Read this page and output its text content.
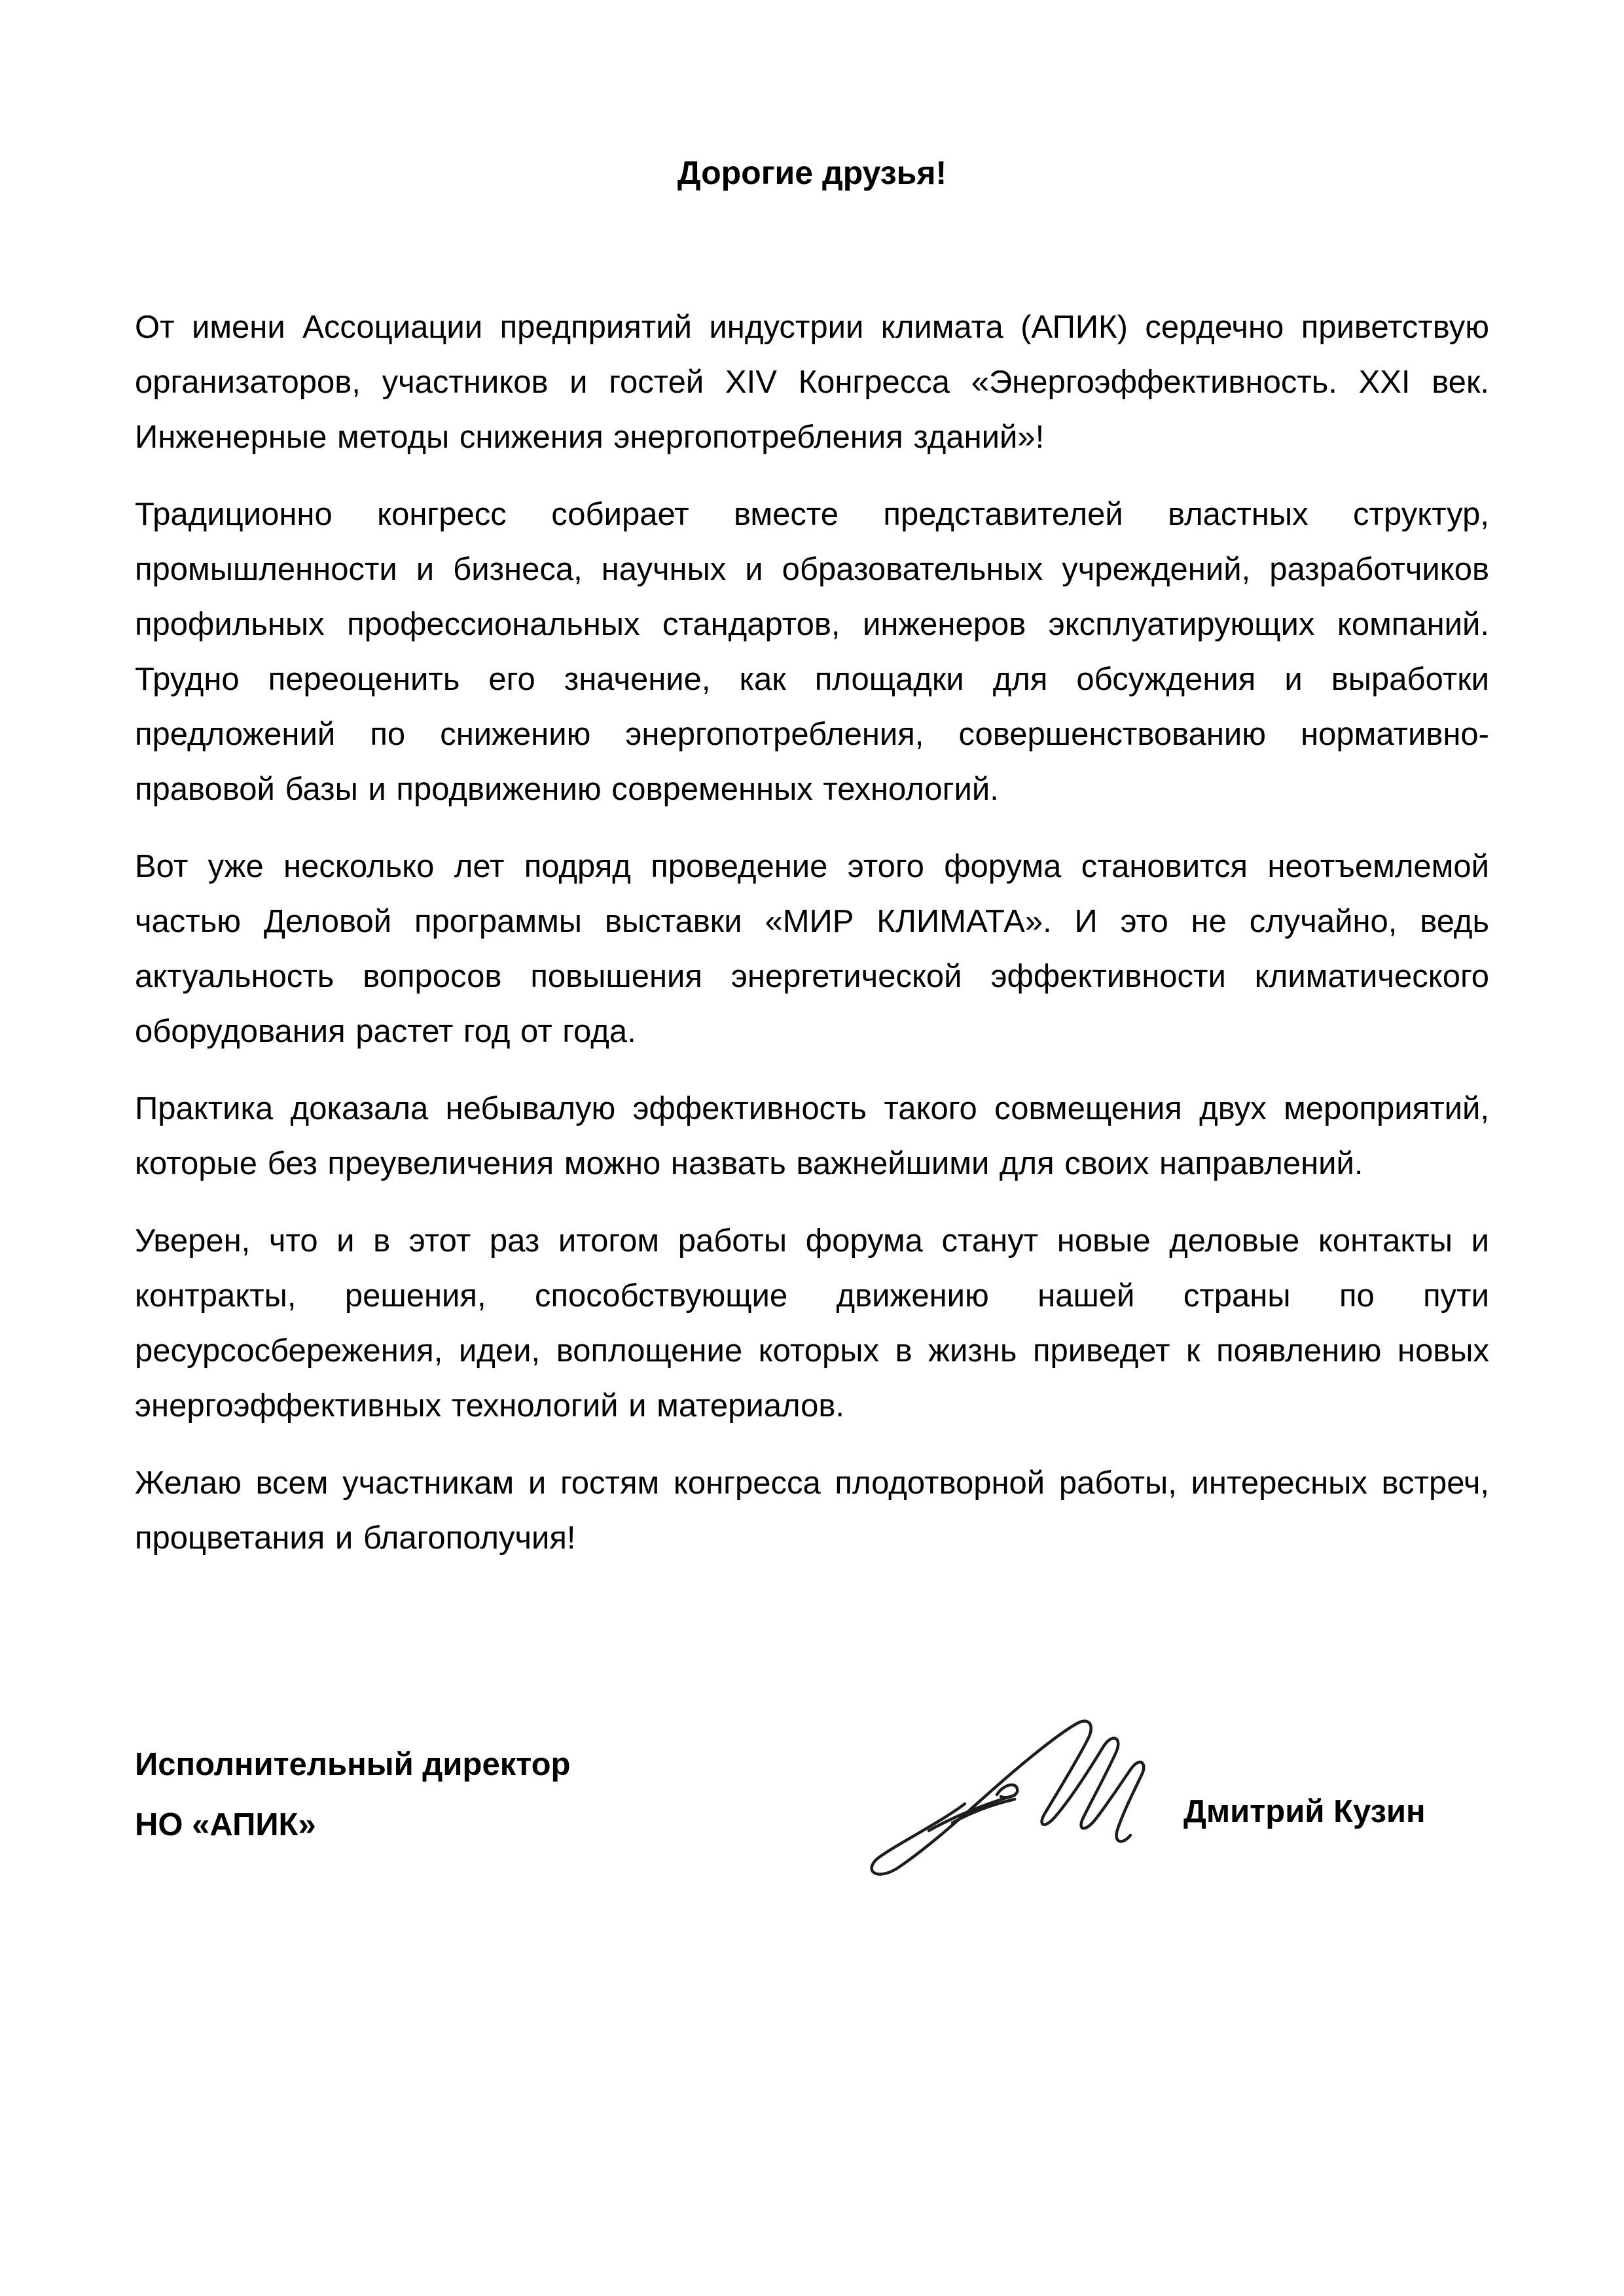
Дорогие друзья!

От имени Ассоциации предприятий индустрии климата (АПИК) сердечно приветствую организаторов, участников и гостей XIV Конгресса «Энергоэффективность. XXI век. Инженерные методы снижения энергопотребления зданий»!

Традиционно конгресс собирает вместе представителей властных структур, промышленности и бизнеса, научных и образовательных учреждений, разработчиков профильных профессиональных стандартов, инженеров эксплуатирующих компаний. Трудно переоценить его значение, как площадки для обсуждения и выработки предложений по снижению энергопотребления, совершенствованию нормативно-правовой базы и продвижению современных технологий.

Вот уже несколько лет подряд проведение этого форума становится неотъемлемой частью Деловой программы выставки «МИР КЛИМАТА». И это не случайно, ведь актуальность вопросов повышения энергетической эффективности климатического оборудования растет год от года.

Практика доказала небывалую эффективность такого совмещения двух мероприятий, которые без преувеличения можно назвать важнейшими для своих направлений.

Уверен, что и в этот раз итогом работы форума станут новые деловые контакты и контракты, решения, способствующие движению нашей страны по пути ресурсосбережения, идеи, воплощение которых в жизнь приведет к появлению новых энергоэффективных технологий и материалов.

Желаю всем участникам и гостям конгресса плодотворной работы, интересных встреч, процветания и благополучия!

Исполнительный директор
НО «АПИК»	Дмитрий Кузин
